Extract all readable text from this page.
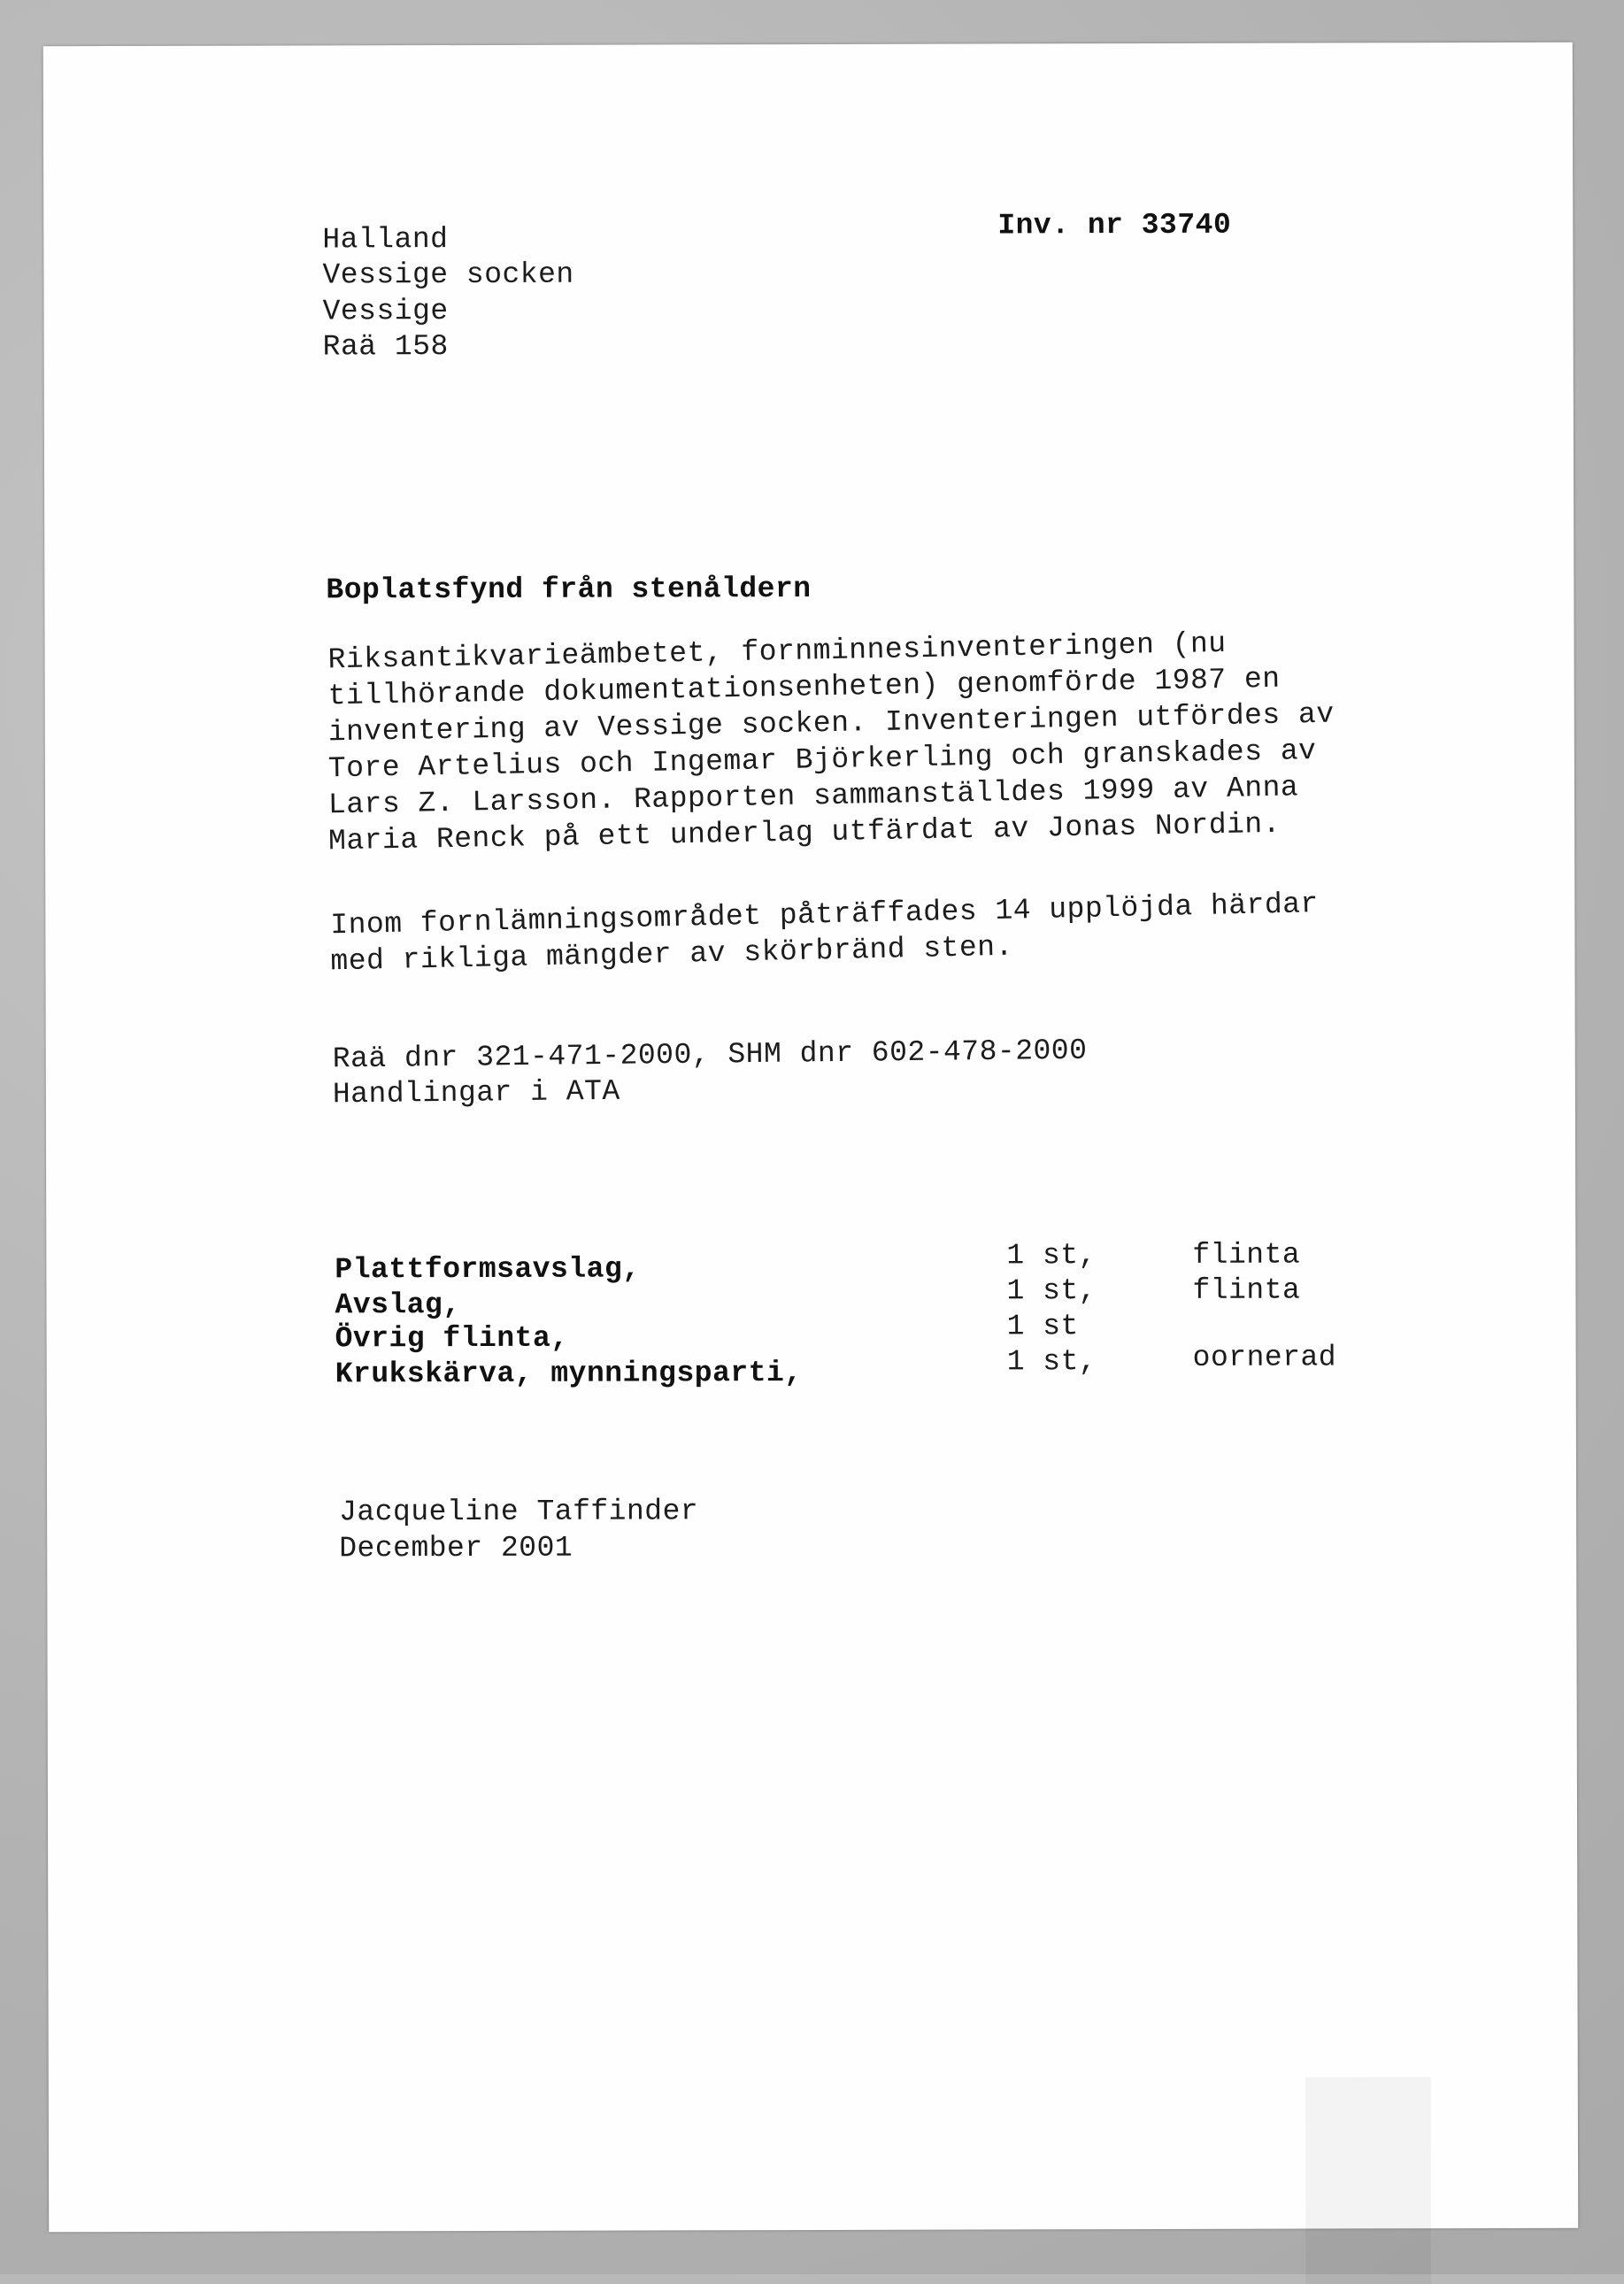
Halland
Vessige socken
Vessige
Raä 158
Inv. nr 33740
Boplatsfynd från stenåldern
Riksantikvarieämbetet, fornminnesinventeringen (nu
tillhörande dokumentationsenheten) genomförde 1987 en
inventering av Vessige socken. Inventeringen utfördes av
Tore Artelius och Ingemar Björkerling och granskades av
Lars Z. Larsson. Rapporten sammanställdes 1999 av Anna
Maria Renck på ett underlag utfärdat av Jonas Nordin.
Inom fornlämningsområdet påträffades 14 upplöjda härdar
med rikliga mängder av skörbränd sten.
Raä dnr 321-471-2000, SHM dnr 602-478-2000
Handlingar i ATA
Plattformsavslag,	1 st,	flinta
Avslag,	1 st,	flinta
Övrig flinta,	1 st
Krukskärva, mynningsparti,	1 st,	oornerad
Jacqueline Taffinder
December 2001
